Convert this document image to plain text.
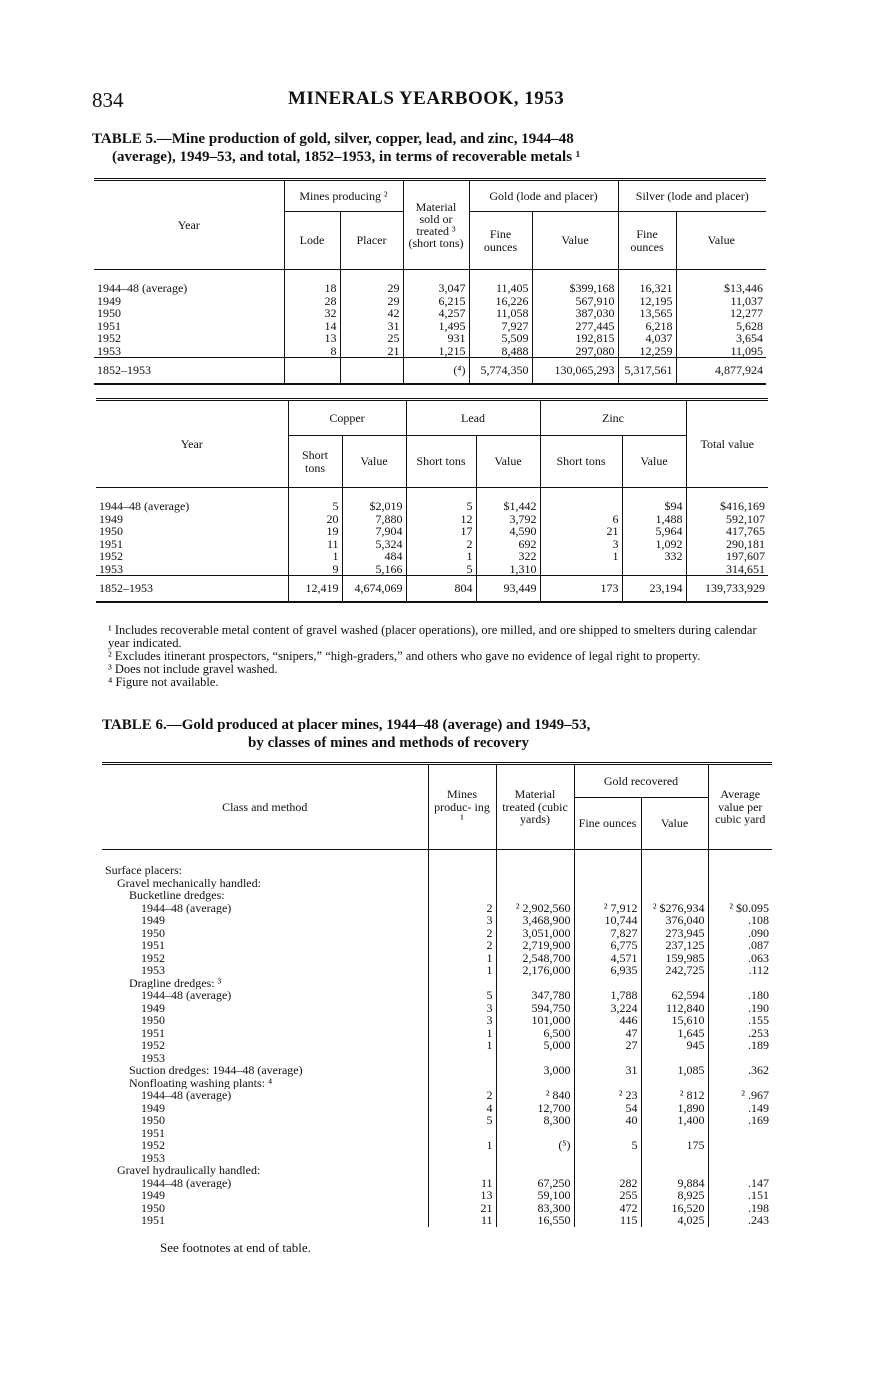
834	MINERALS YEARBOOK, 1953
TABLE 5.—Mine production of gold, silver, copper, lead, and zinc, 1944–48
(average), 1949–53, and total, 1852–1953, in terms of recoverable metals ¹
Year	Mines producing ²		Material sold or treated ³ (short tons)	Gold (lode and placer)		Silver (lode and placer)	
	Lode	Placer		Fine ounces	Value	Fine ounces	Value

1944–48 (average)	18	29	3,047	11,405	$399,168	16,321	$13,446
1949	28	29	6,215	16,226	567,910	12,195	11,037
1950	32	42	4,257	11,058	387,030	13,565	12,277
1951	14	31	1,495	7,927	277,445	6,218	5,628
1952	13	25	931	5,509	192,815	4,037	3,654
1953	8	21	1,215	8,488	297,080	12,259	11,095
1852–1953			(⁴)	5,774,350	130,065,293	5,317,561	4,877,924
Year	Copper		Lead		Zinc		Total value
	Short tons	Value	Short tons	Value	Short tons	Value	

1944–48 (average)	5	$2,019	5	$1,442		$94	$416,169
1949	20	7,880	12	3,792	6	1,488	592,107
1950	19	7,904	17	4,590	21	5,964	417,765
1951	11	5,324	2	692	3	1,092	290,181
1952	1	484	1	322	1	332	197,607
1953	9	5,166	5	1,310			314,651
1852–1953	12,419	4,674,069	804	93,449	173	23,194	139,733,929

¹ Includes recoverable metal content of gravel washed (placer operations), ore milled, and ore shipped to smelters during calendar year indicated.

² Excludes itinerant prospectors, “snipers,” “high-graders,” and others who gave no evidence of legal right to property.

³ Does not include gravel washed.

⁴ Figure not available.

TABLE 6.—Gold produced at placer mines, 1944–48 (average) and 1949–53,
by classes of mines and methods of recovery
Class and method	Mines produc- ing ¹	Material treated (cubic yards)	Gold recovered		Average value per cubic yard
			Fine ounces	Value	

Surface placers:					
Gravel mechanically handled:					
Bucketline dredges:					
1944–48 (average)	2	² 2,902,560	² 7,912	² $276,934	² $0.095
1949	3	3,468,900	10,744	376,040	.108
1950	2	3,051,000	7,827	273,945	.090
1951	2	2,719,900	6,775	237,125	.087
1952	1	2,548,700	4,571	159,985	.063
1953	1	2,176,000	6,935	242,725	.112
Dragline dredges: ³					
1944–48 (average)	5	347,780	1,788	62,594	.180
1949	3	594,750	3,224	112,840	.190
1950	3	101,000	446	15,610	.155
1951	1	6,500	47	1,645	.253
1952	1	5,000	27	945	.189
1953					
Suction dredges: 1944–48 (average)		3,000	31	1,085	.362
Nonfloating washing plants: ⁴					
1944–48 (average)	2	² 840	² 23	² 812	² .967
1949	4	12,700	54	1,890	.149
1950	5	8,300	40	1,400	.169
1951					
1952	1	(⁵)	5	175	
1953					
Gravel hydraulically handled:					
1944–48 (average)	11	67,250	282	9,884	.147
1949	13	59,100	255	8,925	.151
1950	21	83,300	472	16,520	.198
1951	11	16,550	115	4,025	.243
See footnotes at end of table.
